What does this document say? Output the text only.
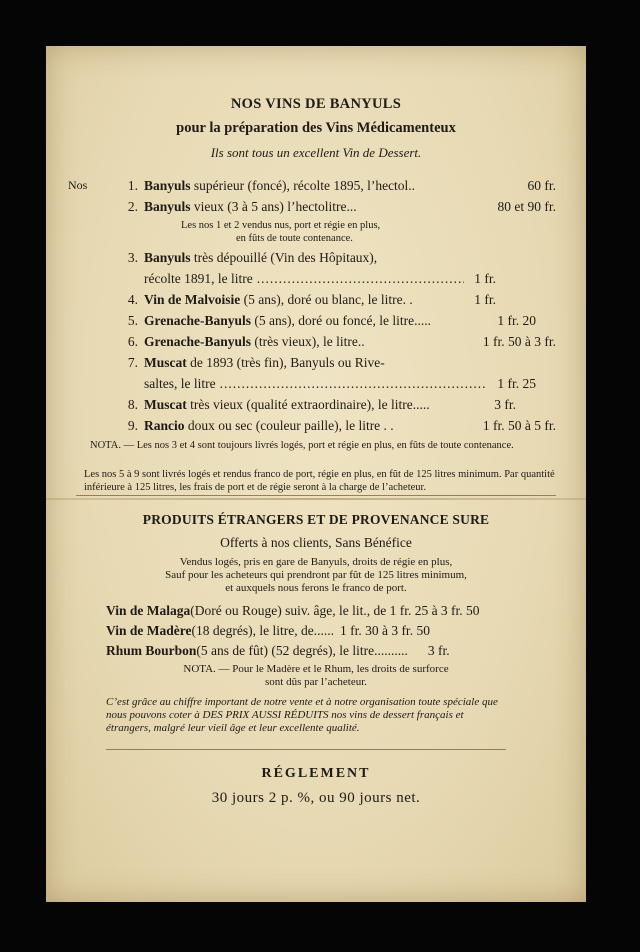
NOS VINS DE BANYULS
pour la préparation des Vins Médicamenteux
Ils sont tous un excellent Vin de Dessert.
Nos	1. Banyuls supérieur (foncé), récolte 1895, l’hectol..	60 fr.
2. Banyuls vieux (3 à 5 ans) l’hectolitre...	80 et 90 fr.
Les nos 1 et 2 vendus nus, port et régie en plus,
en fûts de toute contenance.
3. Banyuls très dépouillé (Vin des Hôpitaux),
récolte 1891, le litre .....	1 fr.
4. Vin de Malvoisie (5 ans), doré ou blanc, le litre. .	1 fr.
5. Grenache-Banyuls (5 ans), doré ou foncé, le litre.....	1 fr. 20
6. Grenache-Banyuls (très vieux), le litre..	1 fr. 50 à 3 fr.
7. Muscat de 1893 (très fin), Banyuls ou Rive-
saltes, le litre .....	1 fr. 25
8. Muscat très vieux (qualité extraordinaire), le litre.....	3 fr.
9. Rancio doux ou sec (couleur paille), le litre . .	1 fr. 50 à 5 fr.
NOTA. — Les nos 3 et 4 sont toujours livrés logés, port et régie en plus, en fûts de toute contenance.
Les nos 5 à 9 sont livrés logés et rendus franco de port, régie en plus, en fût de 125 litres minimum. Par quantité inférieure à 125 litres, les frais de port et de régie seront à la charge de l’acheteur.
PRODUITS ÉTRANGERS ET DE PROVENANCE SURE
Offerts à nos clients, Sans Bénéfice
Vendus logés, pris en gare de Banyuls, droits de régie en plus,
Sauf pour les acheteurs qui prendront par fût de 125 litres minimum,
et auxquels nous ferons le franco de port.
Vin de Malaga (Doré ou Rouge) suiv. âge, le lit., de 1 fr. 25 à 3 fr. 50
Vin de Madère (18 degrés), le litre, de...... 1 fr. 30 à 3 fr. 50
Rhum Bourbon (5 ans de fût) (52 degrés), le litre.......... 3 fr.
NOTA. — Pour le Madère et le Rhum, les droits de surforce
sont dûs par l’acheteur.
C’est grâce au chiffre important de notre vente et à notre organisation toute spéciale que nous pouvons coter à DES PRIX AUSSI RÉDUITS nos vins de dessert français et étrangers, malgré leur vieil âge et leur excellente qualité.
RÉGLEMENT
30 jours 2 p. %, ou 90 jours net.
